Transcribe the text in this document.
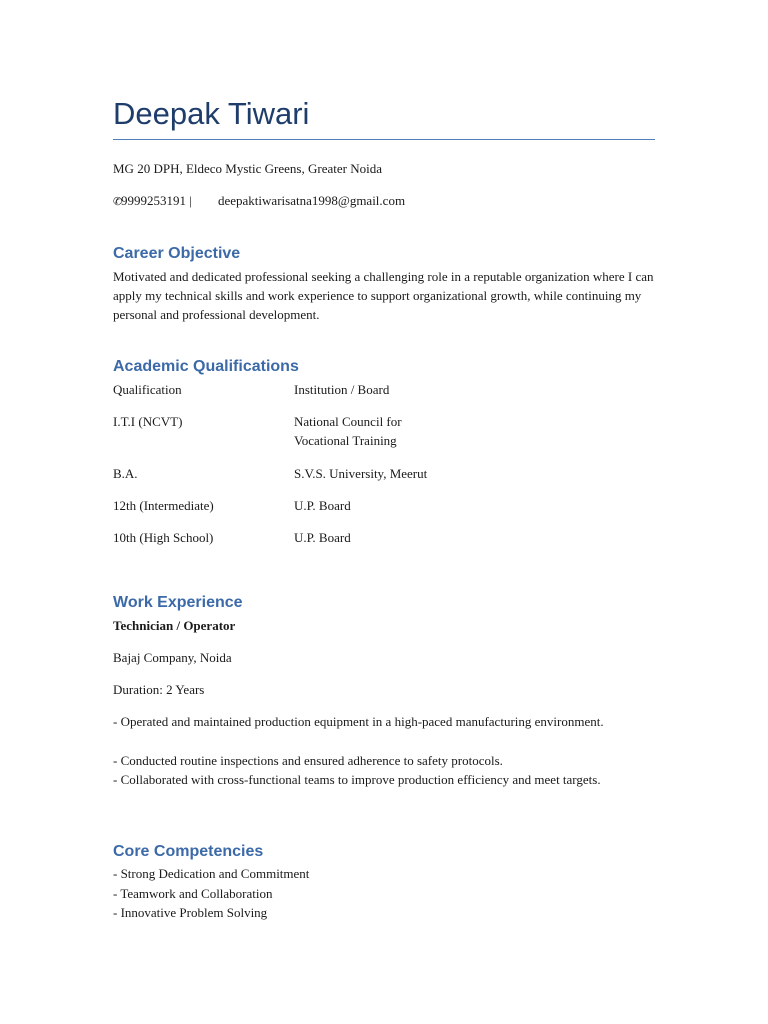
Deepak Tiwari
MG 20 DPH, Eldeco Mystic Greens, Greater Noida
✆9999253191 | deepaktiwarisatna1998@gmail.com
Career Objective
Motivated and dedicated professional seeking a challenging role in a reputable organization where I can apply my technical skills and work experience to support organizational growth, while continuing my personal and professional development.
Academic Qualifications
Qualification	Institution / Board
I.T.I (NCVT)	National Council for Vocational Training
B.A.	S.V.S. University, Meerut
12th (Intermediate)	U.P. Board
10th (High School)	U.P. Board
Work Experience
Technician / Operator
Bajaj Company, Noida
Duration: 2 Years
- Operated and maintained production equipment in a high-paced manufacturing environment.
- Conducted routine inspections and ensured adherence to safety protocols.
- Collaborated with cross-functional teams to improve production efficiency and meet targets.
Core Competencies
- Strong Dedication and Commitment
- Teamwork and Collaboration
- Innovative Problem Solving
